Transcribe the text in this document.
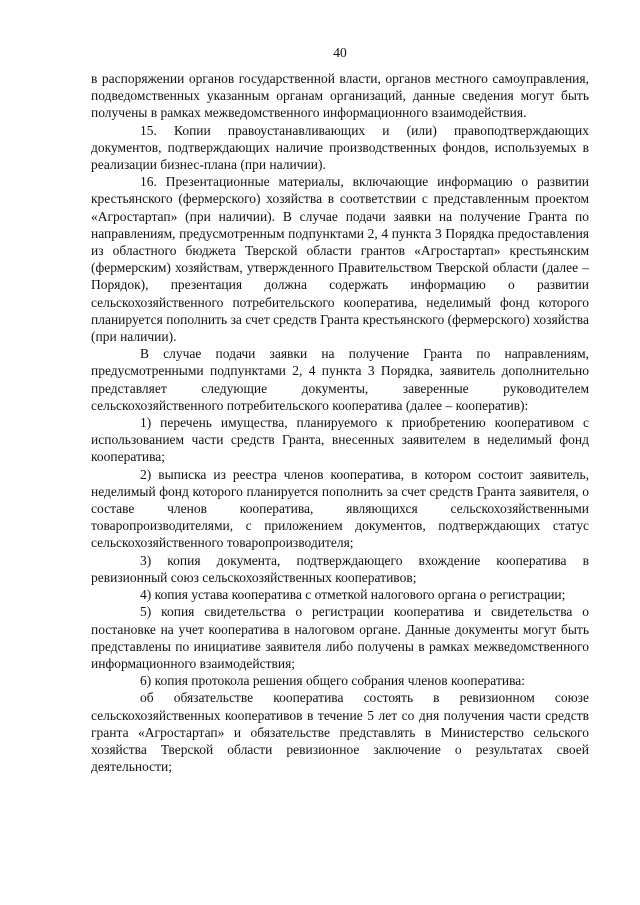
40

в распоряжении органов государственной власти, органов местного самоуправления, подведомственных указанным органам организаций, данные сведения могут быть получены в рамках межведомственного информационного взаимодействия.

15. Копии правоустанавливающих и (или) правоподтверждающих документов, подтверждающих наличие производственных фондов, используемых в реализации бизнес-плана (при наличии).

16. Презентационные материалы, включающие информацию о развитии крестьянского (фермерского) хозяйства в соответствии с представленным проектом «Агростартап» (при наличии). В случае подачи заявки на получение Гранта по направлениям, предусмотренным подпунктами 2, 4 пункта 3 Порядка предоставления из областного бюджета Тверской области грантов «Агростартап» крестьянским (фермерским) хозяйствам, утвержденного Правительством Тверской области (далее – Порядок), презентация должна содержать информацию о развитии сельскохозяйственного потребительского кооператива, неделимый фонд которого планируется пополнить за счет средств Гранта крестьянского (фермерского) хозяйства (при наличии).

В случае подачи заявки на получение Гранта по направлениям, предусмотренными подпунктами 2, 4 пункта 3 Порядка, заявитель дополнительно представляет следующие документы, заверенные руководителем сельскохозяйственного потребительского кооператива (далее – кооператив):

1) перечень имущества, планируемого к приобретению кооперативом с использованием части средств Гранта, внесенных заявителем в неделимый фонд кооператива;

2) выписка из реестра членов кооператива, в котором состоит заявитель, неделимый фонд которого планируется пополнить за счет средств Гранта заявителя, о составе членов кооператива, являющихся сельскохозяйственными товаропроизводителями, с приложением документов, подтверждающих статус сельскохозяйственного товаропроизводителя;

3) копия документа, подтверждающего вхождение кооператива в ревизионный союз сельскохозяйственных кооперативов;

4) копия устава кооператива с отметкой налогового органа о регистрации;

5) копия свидетельства о регистрации кооператива и свидетельства о постановке на учет кооператива в налоговом органе. Данные документы могут быть представлены по инициативе заявителя либо получены в рамках межведомственного информационного взаимодействия;

6) копия протокола решения общего собрания членов кооператива:

об обязательстве кооператива состоять в ревизионном союзе сельскохозяйственных кооперативов в течение 5 лет со дня получения части средств гранта «Агростартап» и обязательстве представлять в Министерство сельского хозяйства Тверской области ревизионное заключение о результатах своей деятельности;
